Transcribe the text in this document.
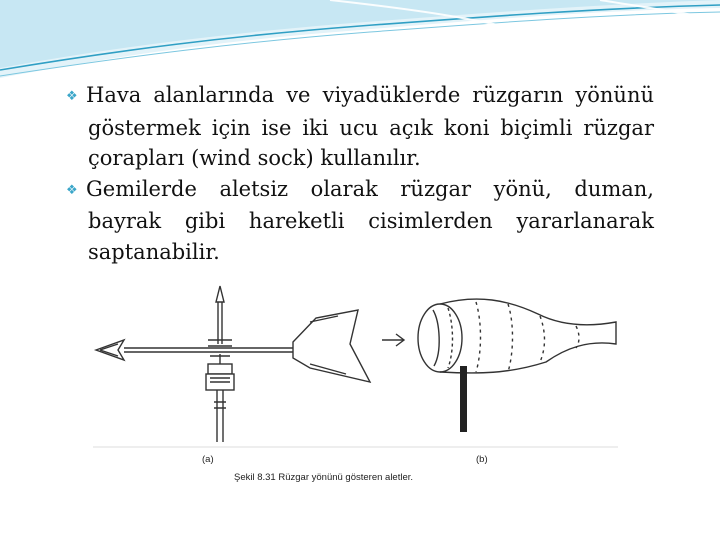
❖ Hava alanlarında ve viyadüklerde rüzgarın yönünü göstermek için ise iki ucu açık koni biçimli rüzgar çorapları (wind sock) kullanılır.

❖ Gemilerde aletsiz olarak rüzgar yönü, duman, bayrak gibi hareketli cisimlerden yararlanarak saptanabilir.

(a)	(b)
Şekil 8.31 Rüzgar yönünü gösteren aletler.
